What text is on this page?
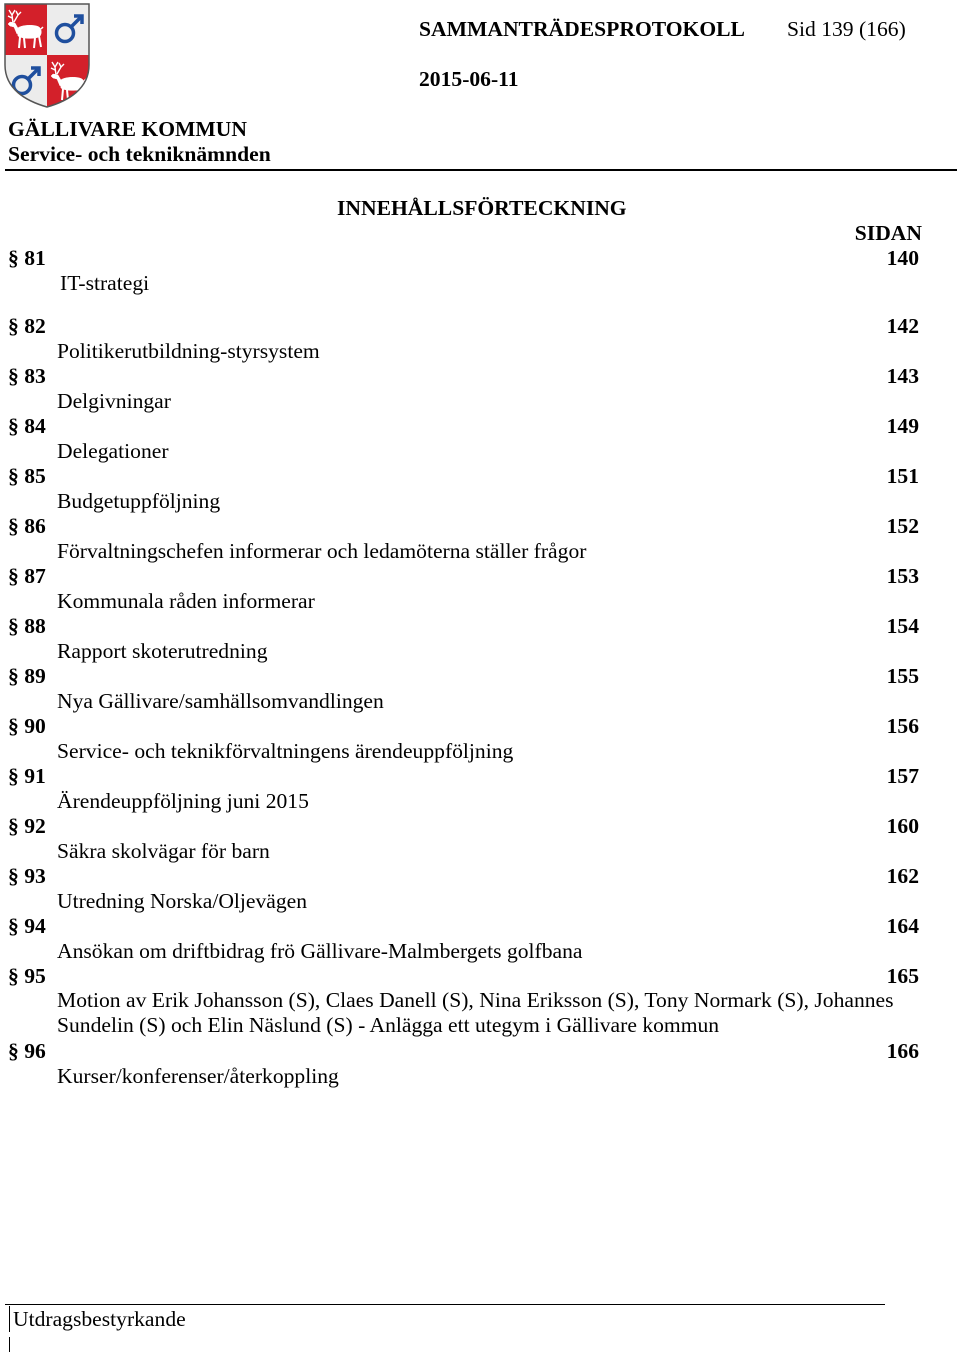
SAMMANTRÄDESPROTOKOLL Sid 139 (166)
2015-06-11
GÄLLIVARE KOMMUN
Service- och tekniknämnden
INNEHÅLLSFÖRTECKNING
SIDAN
§ 81	140
IT-strategi
§ 82	142
Politikerutbildning-styrsystem
§ 83	143
Delgivningar
§ 84	149
Delegationer
§ 85	151
Budgetuppföljning
§ 86	152
Förvaltningschefen informerar och ledamöterna ställer frågor
§ 87	153
Kommunala råden informerar
§ 88	154
Rapport skoterutredning
§ 89	155
Nya Gällivare/samhällsomvandlingen
§ 90	156
Service- och teknikförvaltningens ärendeuppföljning
§ 91	157
Ärendeuppföljning juni 2015
§ 92	160
Säkra skolvägar för barn
§ 93	162
Utredning Norska/Oljevägen
§ 94	164
Ansökan om driftbidrag frö Gällivare-Malmbergets golfbana
§ 95	165
Motion av Erik Johansson (S), Claes Danell (S), Nina Eriksson (S), Tony Normark (S), Johannes Sundelin (S) och Elin Näslund (S) - Anlägga ett utegym i Gällivare kommun
§ 96	166
Kurser/konferenser/återkoppling
Utdragsbestyrkande
